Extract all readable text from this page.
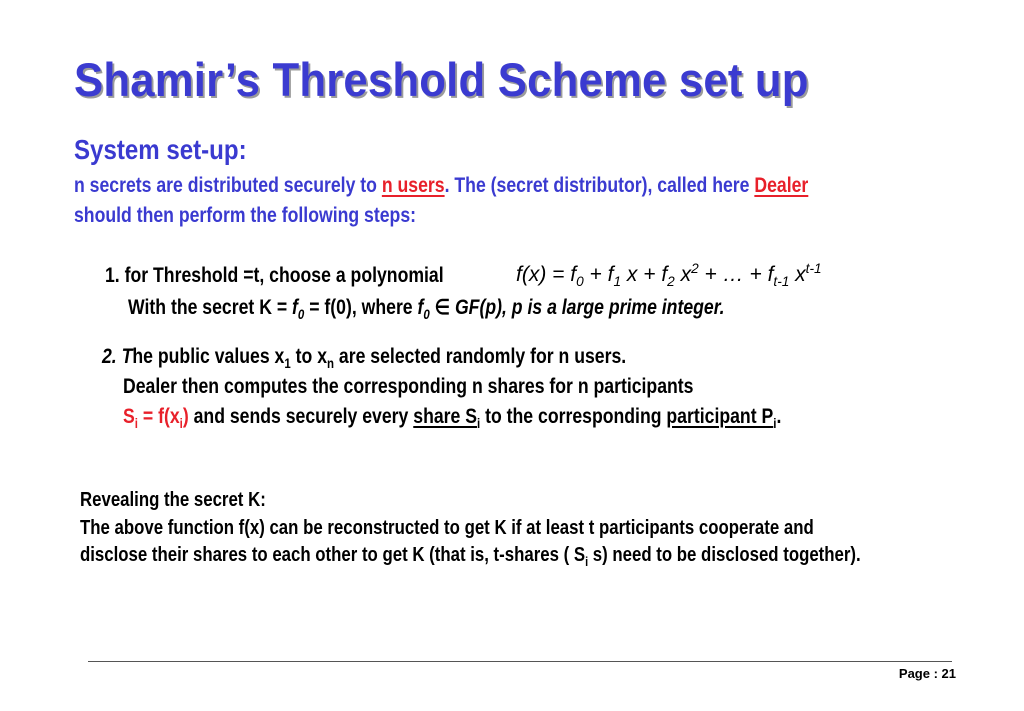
Shamir’s Threshold Scheme set up
System set-up:
n secrets are distributed securely to n users. The (secret distributor), called here Dealer
should then perform the following steps:
1. for Threshold =t, choose a polynomial	$f(x) = f_0 + f_1$ $x + f_2$ $x^2$ + … + $f_{t-1}$ $x^{t-1}$
With the secret $K = f_0 = f(0)$, where $f_0$ ∈ GF(p), p is a large prime integer.
2. The public values $x_1$ to $x_n$ are selected randomly for n users.
Dealer then computes the corresponding n shares for n participants
$S_i = f(x_i)$ and sends securely every share $S_i$ to the corresponding participant $P_i$.
Revealing the secret K:
The above function f(x) can be reconstructed to get K if at least t participants cooperate and
disclose their shares to each other to get K (that is, t-shares ( $S_i$ s) need to be disclosed together).
Page : 21
